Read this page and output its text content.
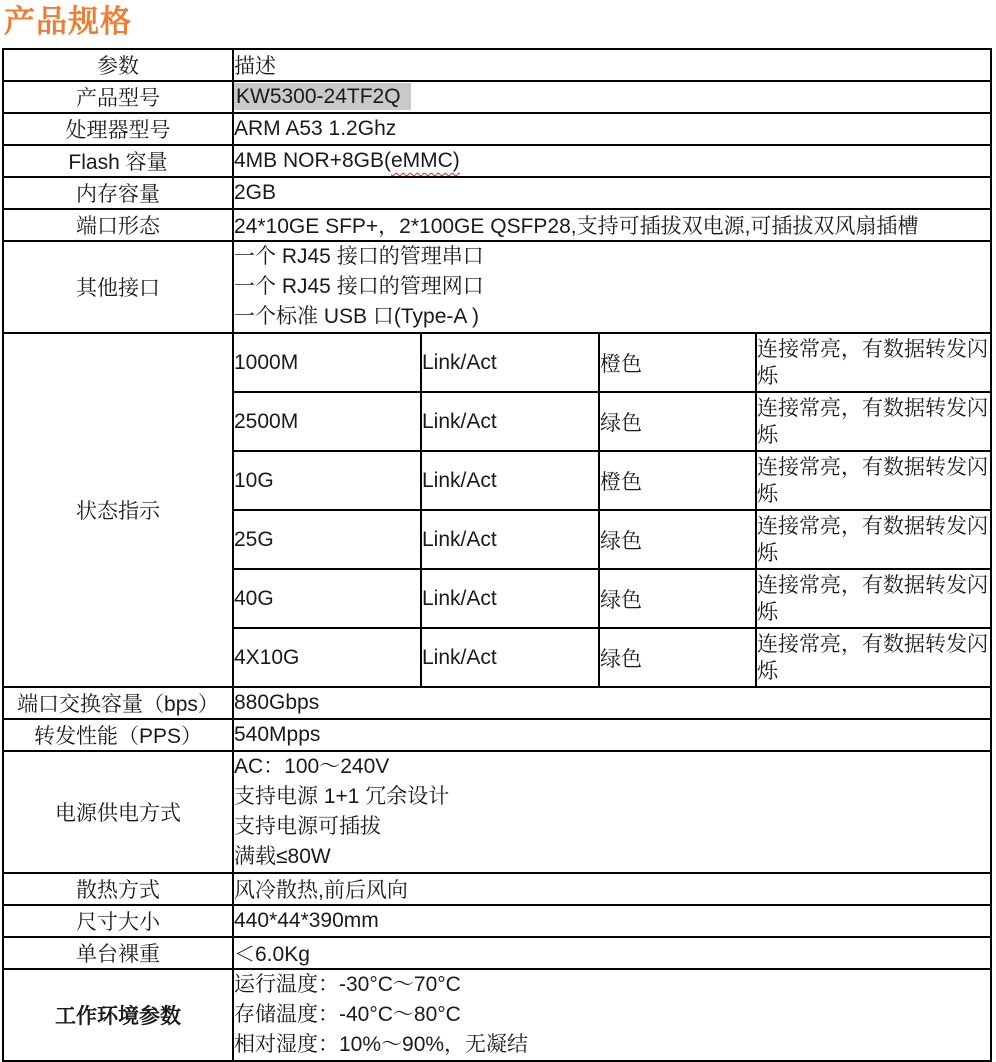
产品规格
参数	描述			
产品型号	KW5300-24TF2Q			
处理器型号	ARM A53 1.2Ghz			
Flash 容量	4MB NOR+8GB(eMMC)			
内存容量	2GB			
端口形态	24*10GE SFP+，2*100GE QSFP28,支持可插拔双电源,可插拔双风扇插槽			
其他接口	一个 RJ45 接口的管理串口
一个 RJ45 接口的管理网口
一个标准 USB 口(Type-A )			

状态指示	1000M	Link/Act	橙色	连接常亮，有数据转发闪烁
	2500M	Link/Act	绿色	连接常亮，有数据转发闪烁
	10G	Link/Act	橙色	连接常亮，有数据转发闪烁
	25G	Link/Act	绿色	连接常亮，有数据转发闪烁
	40G	Link/Act	绿色	连接常亮，有数据转发闪烁
	4X10G	Link/Act	绿色	连接常亮，有数据转发闪烁
端口交换容量（bps）	880Gbps			
转发性能（PPS）	540Mpps			
电源供电方式	AC：100～240V
支持电源 1+1 冗余设计
支持电源可插拔
满载≤80W			

散热方式	风冷散热,前后风向			
尺寸大小	440*44*390mm			
单台裸重	＜6.0Kg			
工作环境参数	运行温度：-30°C～70°C
存储温度：-40°C～80°C
相对湿度：10%～90%，无凝结			
